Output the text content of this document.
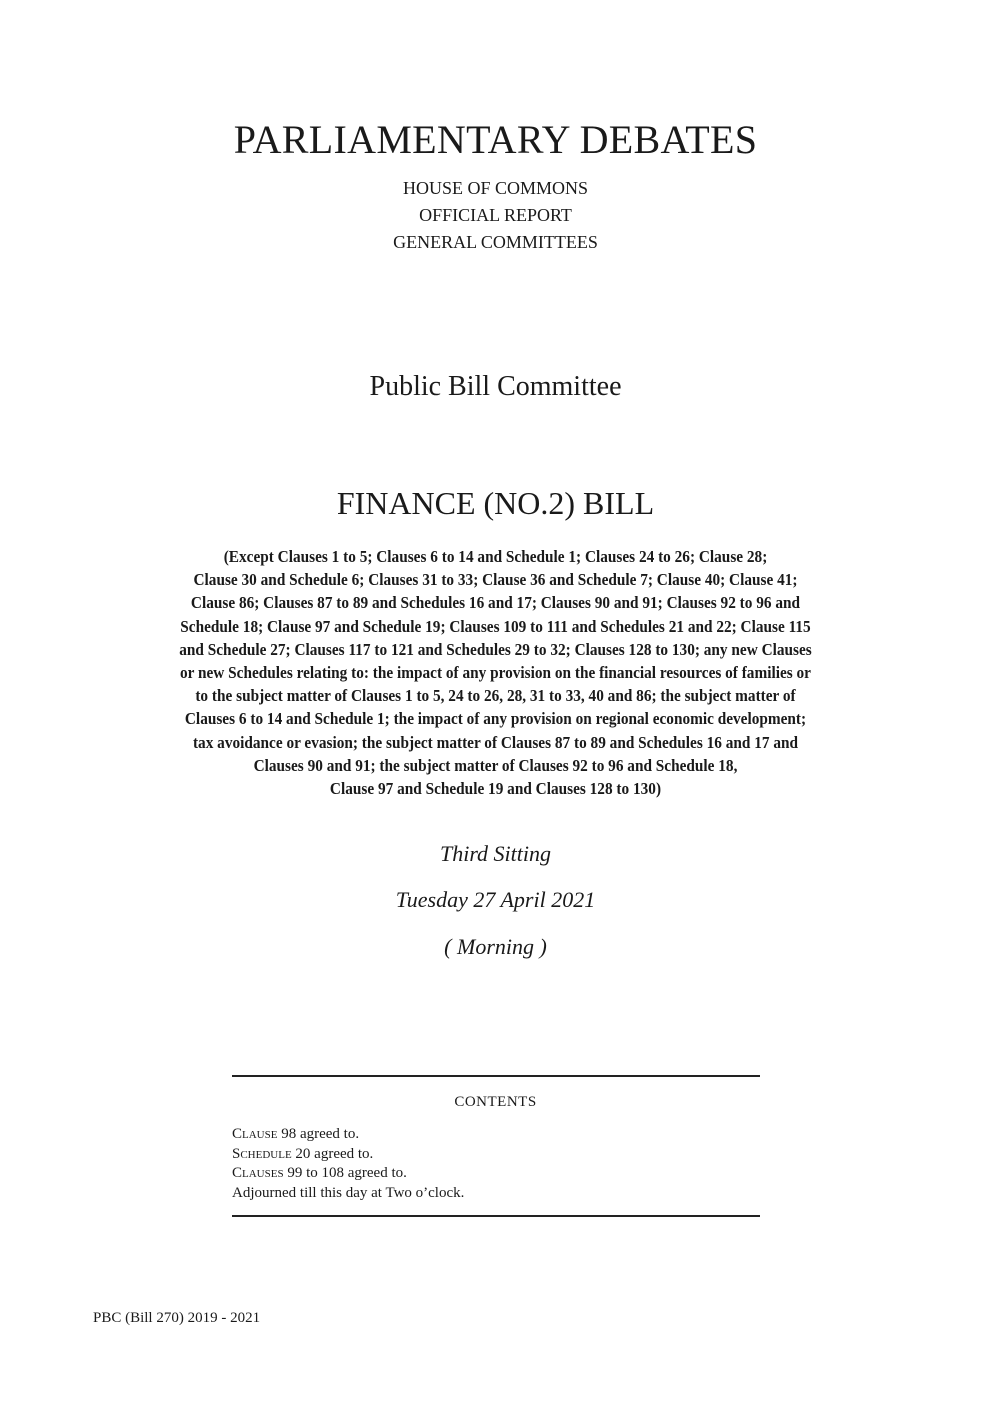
PARLIAMENTARY DEBATES
HOUSE OF COMMONS
OFFICIAL REPORT
GENERAL COMMITTEES
Public Bill Committee
FINANCE (NO.2) BILL
(Except Clauses 1 to 5; Clauses 6 to 14 and Schedule 1; Clauses 24 to 26; Clause 28;
Clause 30 and Schedule 6; Clauses 31 to 33; Clause 36 and Schedule 7; Clause 40; Clause 41;
Clause 86; Clauses 87 to 89 and Schedules 16 and 17; Clauses 90 and 91; Clauses 92 to 96 and
Schedule 18; Clause 97 and Schedule 19; Clauses 109 to 111 and Schedules 21 and 22; Clause 115
and Schedule 27; Clauses 117 to 121 and Schedules 29 to 32; Clauses 128 to 130; any new Clauses
or new Schedules relating to: the impact of any provision on the financial resources of families or
to the subject matter of Clauses 1 to 5, 24 to 26, 28, 31 to 33, 40 and 86; the subject matter of
Clauses 6 to 14 and Schedule 1; the impact of any provision on regional economic development;
tax avoidance or evasion; the subject matter of Clauses 87 to 89 and Schedules 16 and 17 and
Clauses 90 and 91; the subject matter of Clauses 92 to 96 and Schedule 18,
Clause 97 and Schedule 19 and Clauses 128 to 130)
Third Sitting
Tuesday 27 April 2021
( Morning )
CONTENTS
Clause 98 agreed to.
Schedule 20 agreed to.
Clauses 99 to 108 agreed to.
Adjourned till this day at Two o’clock.
PBC (Bill 270) 2019 - 2021
